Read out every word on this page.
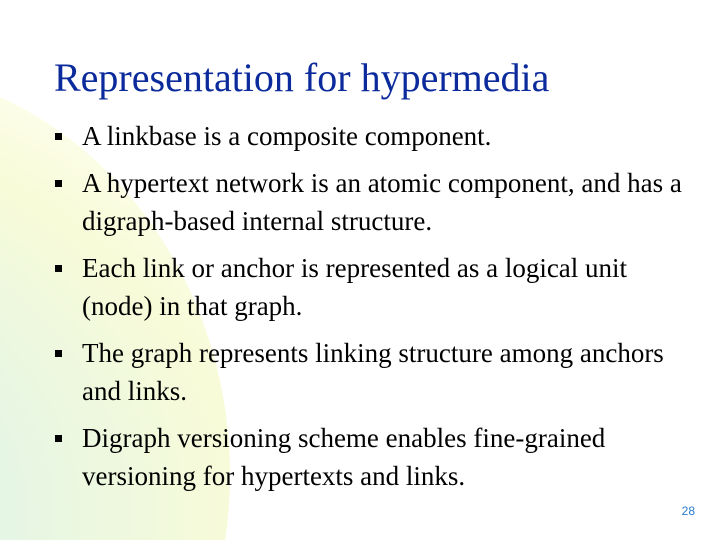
Representation for hypermedia
A linkbase is a composite component.
A hypertext network is an atomic component, and has a digraph-based internal structure.
Each link or anchor is represented as a logical unit (node) in that graph.
The graph represents linking structure among anchors and links.
Digraph versioning scheme enables fine-grained versioning for hypertexts and links.
28
